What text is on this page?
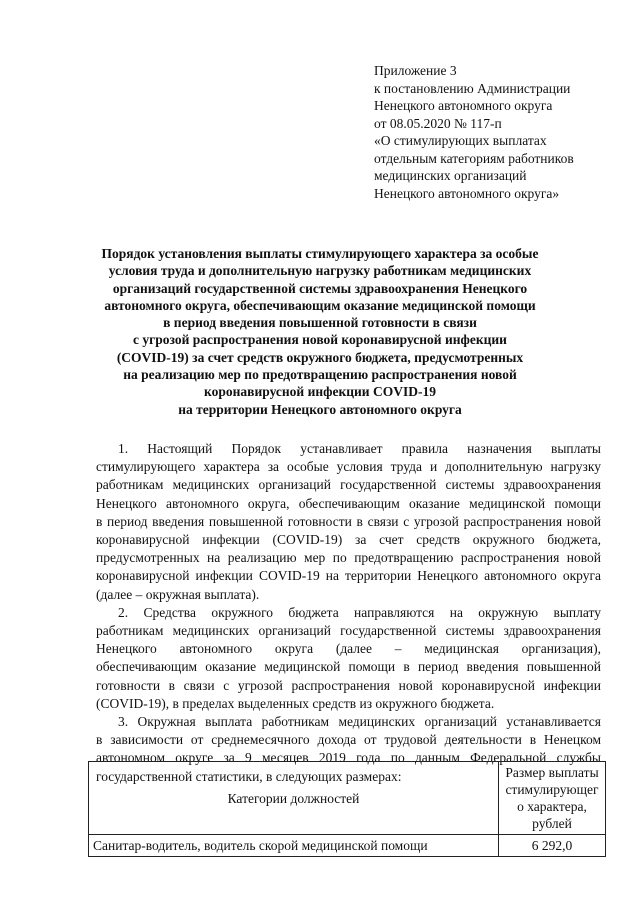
Приложение 3
к постановлению Администрации
Ненецкого автономного округа
от 08.05.2020 № 117-п
«О стимулирующих выплатах
отдельным категориям работников
медицинских организаций
Ненецкого автономного округа»
Порядок установления выплаты стимулирующего характера за особые
условия труда и дополнительную нагрузку работникам медицинских
организаций государственной системы здравоохранения Ненецкого
автономного округа, обеспечивающим оказание медицинской помощи
в период введения повышенной готовности в связи
с угрозой распространения новой коронавирусной инфекции
(COVID-19) за счет средств окружного бюджета, предусмотренных
на реализацию мер по предотвращению распространения новой
коронавирусной инфекции COVID-19
на территории Ненецкого автономного округа

1. Настоящий Порядок устанавливает правила назначения выплаты
стимулирующего характера за особые условия труда и дополнительную нагрузку
работникам медицинских организаций государственной системы здравоохранения
Ненецкого автономного округа, обеспечивающим оказание медицинской помощи
в период введения повышенной готовности в связи с угрозой распространения новой
коронавирусной инфекции (COVID-19) за счет средств окружного бюджета,
предусмотренных на реализацию мер по предотвращению распространения новой
коронавирусной инфекции COVID-19 на территории Ненецкого автономного округа
(далее – окружная выплата).

2. Средства окружного бюджета направляются на окружную выплату
работникам медицинских организаций государственной системы здравоохранения
Ненецкого автономного округа (далее – медицинская организация),
обеспечивающим оказание медицинской помощи в период введения повышенной
готовности в связи с угрозой распространения новой коронавирусной инфекции
(COVID-19), в пределах выделенных средств из окружного бюджета.

3. Окружная выплата работникам медицинских организаций устанавливается
в зависимости от среднемесячного дохода от трудовой деятельности в Ненецком
автономном округе за 9 месяцев 2019 года по данным Федеральной службы
государственной статистики, в следующих размерах:

Категории должностей	Размер выплаты
стимулирующег
о характера,
рублей

Санитар-водитель, водитель скорой медицинской помощи	6 292,0
